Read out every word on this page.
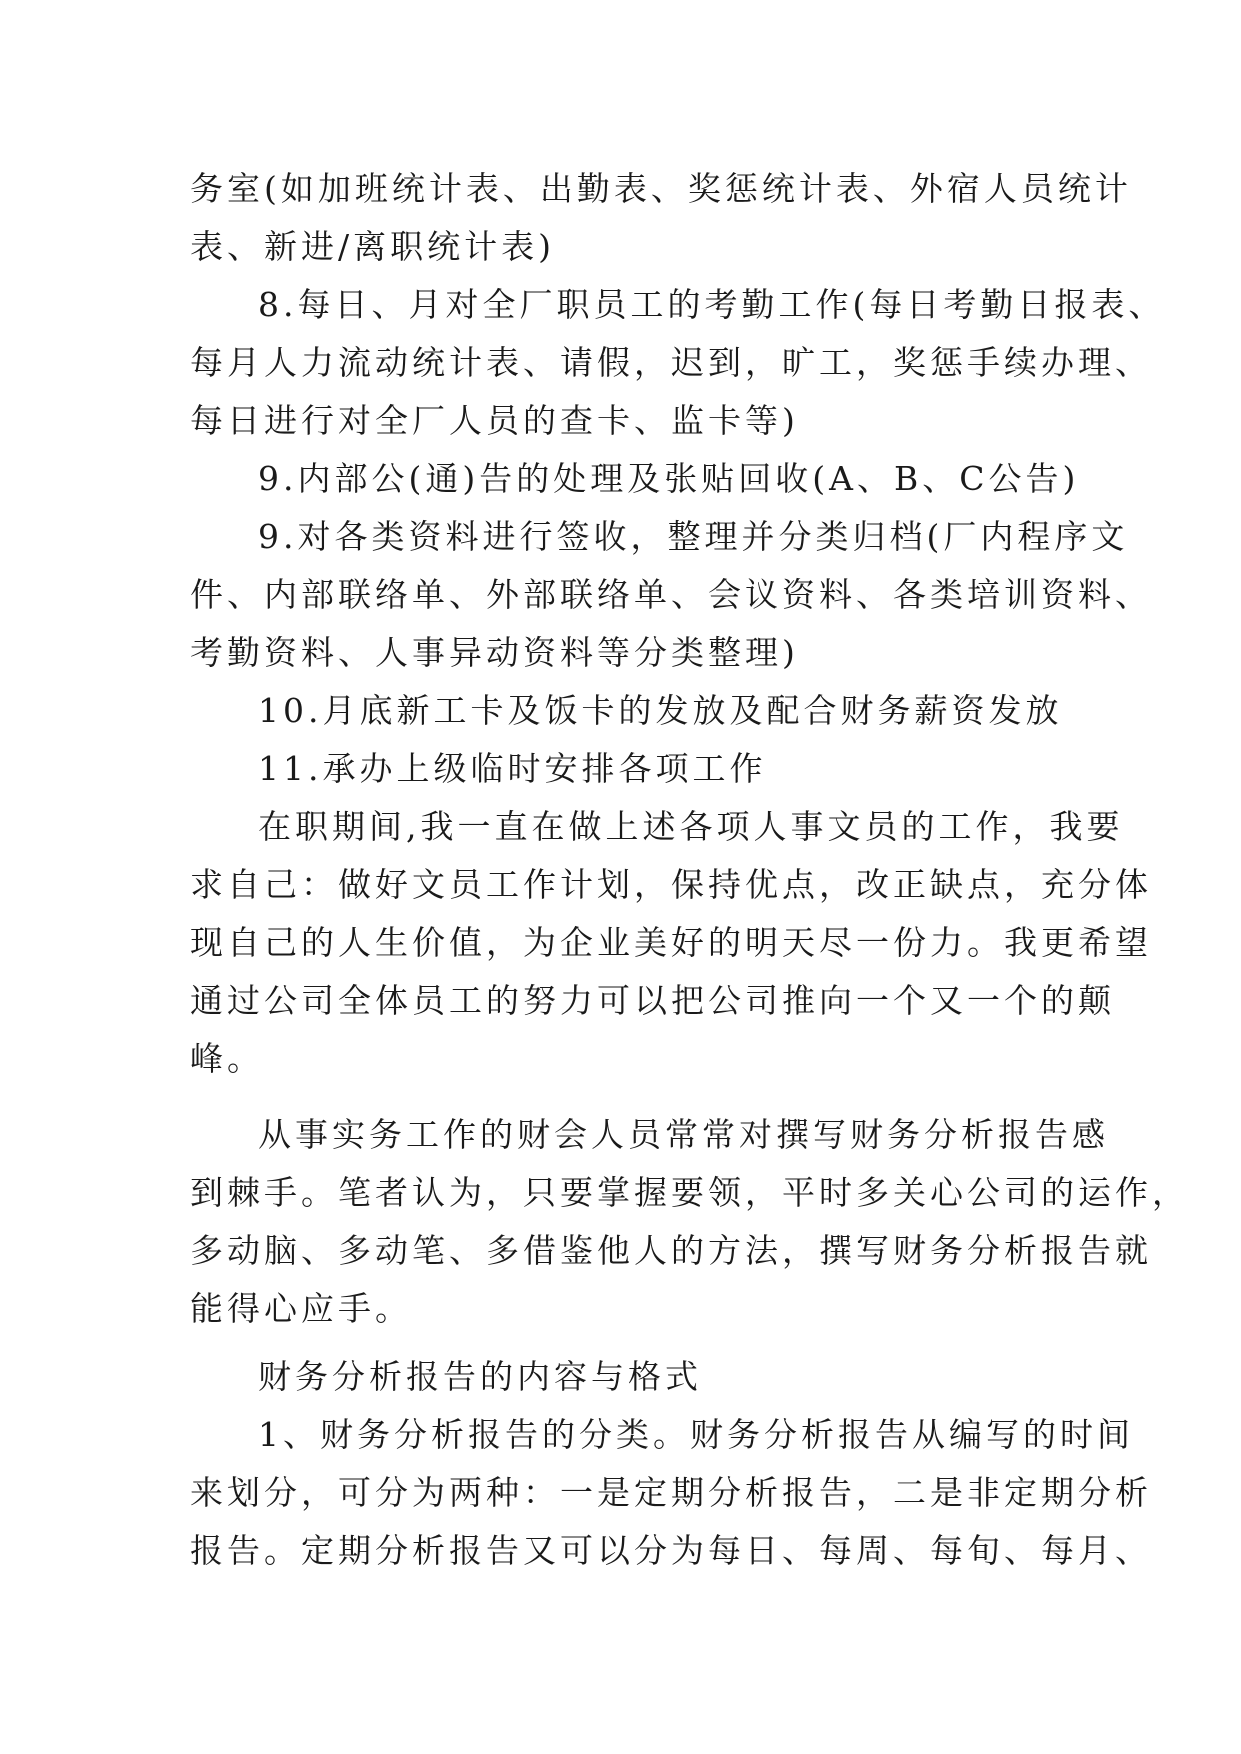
务室(如加班统计表、出勤表、奖惩统计表、外宿人员统计
表、新进/离职统计表)
8.每日、月对全厂职员工的考勤工作(每日考勤日报表、
每月人力流动统计表、请假，迟到，旷工，奖惩手续办理、
每日进行对全厂人员的查卡、监卡等)
9.内部公(通)告的处理及张贴回收(A、B、C公告)
9.对各类资料进行签收，整理并分类归档(厂内程序文
件、内部联络单、外部联络单、会议资料、各类培训资料、
考勤资料、人事异动资料等分类整理)
10.月底新工卡及饭卡的发放及配合财务薪资发放
11.承办上级临时安排各项工作
在职期间,我一直在做上述各项人事文员的工作，我要
求自己：做好文员工作计划，保持优点，改正缺点，充分体
现自己的人生价值，为企业美好的明天尽一份力。我更希望
通过公司全体员工的努力可以把公司推向一个又一个的颠
峰。
从事实务工作的财会人员常常对撰写财务分析报告感
到棘手。笔者认为，只要掌握要领，平时多关心公司的运作，
多动脑、多动笔、多借鉴他人的方法，撰写财务分析报告就
能得心应手。
财务分析报告的内容与格式
1、财务分析报告的分类。财务分析报告从编写的时间
来划分，可分为两种：一是定期分析报告，二是非定期分析
报告。定期分析报告又可以分为每日、每周、每旬、每月、
